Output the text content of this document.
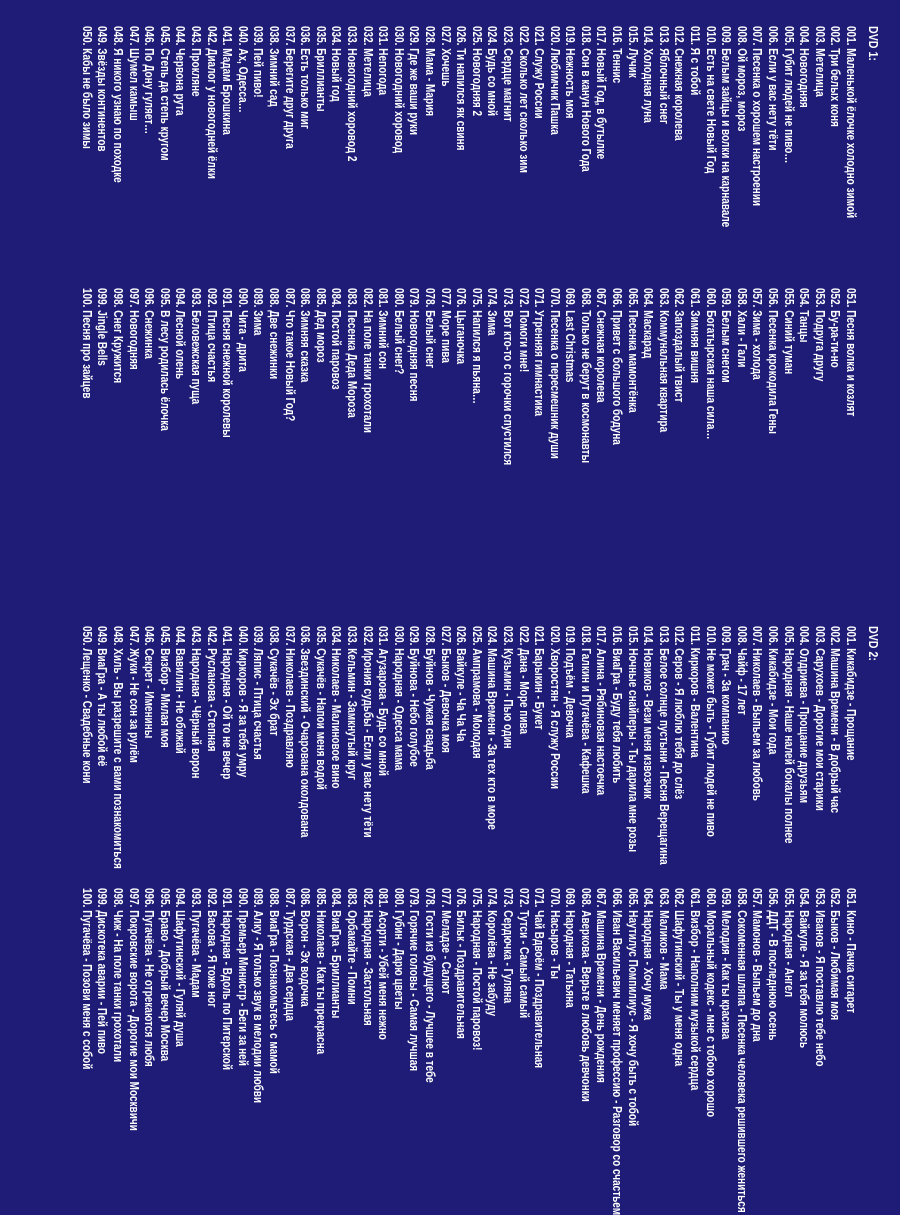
DVD 1:
001. Маленькой ёлочке холодно зимой
002. Три белых коня
003. Метелица
004. Новогодняя
005. Губит людей не пиво…
006. Если у вас нету тёти
007. Песенка о хорошем настроении
008. Ой мороз, мороз
009. Белым зайцы и волки на карнавале
010. Есть на свете Новый Год
011. Я с тобой
012. Снежная королева
013. Яблочный снег
014. Холодная луна
015. Лучик
016. Теннис
017. Новый Год, в бутылке
018. Сон в канун Нового Года
019. Нежность моя
020. Любимчик Пашка
021. Служу России
022. Сколько лет сколько зим
023. Сердце магнит
024. Будь со мной
025. Новогодняя 2
026. Ти напился як свиня
027. Хочешь
028. Мама - Мария
029. Где же ваши руки
030. Новогодний хоровод
031. Непогода
032. Метелица
033. Новогодний хоровод 2
034. Новый год
035. Бриллианты
036. Есть только миг
037. Берегите друг друга
038. Зимний сад
039. Пей пиво!
040. Ах, Одесса…
041. Мадам Брошкина
042. Диалог у новогодней ёлки
043. Прокляне
044. Червона рута
045. Степь да степь кругом
046. По Дону гуляет…
047. Шумел камыш
048. Я никого узнаю по походке
049. Звёзды континентов
050. Кабы не было зимы
051. Песня волка и козлят
052. Бу-ра-ти-но
053. Подруга другу
054. Танцы
055. Синий туман
056. Песенка крокодила Гены
057. Зима - холода
058. Хали - Гали
059. Белым снегом
060. Богатырская наша сила…
061. Зимняя вишня
062. Запоздалый твист
063. Коммунальная квартира
064. Маскарад
065. Песенка мамонтёнка
066. Привет с большого бодуна
067. Снежная королева
068. Только не берут в космонавты
069. Last Christmas
070. Песенка о пересмешник души
071. Утренняя гимнастика
072. Помоги мне!
073. Вот кто-то с горочки спустился
074. Зима
075. Напился я пьяна…
076. Цыганочка
077. Море пива
078. Белый снег
079. Новогодняя песня
080. Белый снег?
081. Зимний сон
082. На поле танки грохотали
083. Песенка Деда Мороза
084. Постой паровоз
085. Дед мороз
086. Зимняя сказка
087. Что такое Новый Год?
088. Две снежинки
089. Зима
090. Чита - дрита
091. Песня снежной королевы
092. Птица счастья
093. Беловежская пуща
094. Лесной олень
095. В лесу родилась ёлочка
096. Снежинка
097. Новогодняя
098. Снег Кружится
099. Jingle Bells
100. Песня про зайцев
DVD 2:
001. Кикабидзе - Прощание
002. Машина Времени - В добрый час
003. Сарухоев - Дорогие мои старики
004. Олдриева - Прощание друзьям
005. Народная - Наше налей бокалы полнее
006. Кикабидзе - Мои года
007. Николаев - Выпьем за любовь
008. Чайф - 17 лет
009. Грач - За компанию
010. Не может быть - Губит людей не пиво
011. Киркоров - Валентина
012. Серов - Я люблю тебя до слёз
013. Белое солнце пустыни - Песня Верещагина
014. Новиков - Вези меня извозчик
015. Ночные снайперы - Ты дарила мне розы
016. ВиаГра - Буду тебя любить
017. Алина - Рябиновая настоечка
018. Галкин и Пугачёва - Кафешка
019. Подъём - Девочка
020. Хворостян - Я служу России
021. Барыкин - Букет
022. Дана - Море пива
023. Кузьмин - Пью один
024. Машина Времени - За тех кто в море
025. Ампрамова - Молодая
026. Вайкуле - Ча Ча Ча
027. Быков - Девочка моя
028. Буйнов - Чужая свадьба
029. Буйнова - Небо голубое
030. Народная - Одесса мама
031. Агузарова - Будь со мной
032. Ирония судьбы - Если у вас нету тёти
033. Кельмин - Замкнутый круг
034. Николаев - Малиновое вино
035. Сукачёв - Напои меня водой
036. Звездинский - Очарована околдована
037. Николаев - Поздравляю
038. Сукачёв - Эх брат
039. Ляпис - Птица счастья
040. Киркоров - Я за тебя умру
041. Народная - Ой то не вечер
042. Русланова - Степная
043. Народная - Чёрный ворон
044. Вавилин - Не обижай
045. Визбор - Милая моя
046. Секрет - Именины
047. Жуки - Не сон за рулём
048. Хиль - Вы разрешите с вами познакомиться
049. ВиаГра - А ты любой её
050. Лещенко - Свадебные кони
051. Кино - Пачка сигарет
052. Быков - Любимая моя
053. Иванов - Я поставлю тебе небо
054. Вайкуле - Я за тебя молюсь
055. Народная - Ангел
056. ДДТ - В последнюю осень
057. Мамонов - Выпьем до дна
058. Сокоменная шляпа - Песенка человека решившего жениться
059. Мелодия - Как ты красива
060. Моральный кодекс - мне с тобою хорошо
061. Визбор - Наполним музыкой сердца
062. Шафутинский - Ты у меня одна
063. Маликов - Мама
064. Народная - Хочу мужа
065. Наутилус Помпилиус - Я хочу быть с тобой
066. Иван Васильевич меняет профессию - Разговор со счастьем
067. Машина Времени - День рождения
068. Аверкова - Верьте в любовь девчонки
069. Народная - Татьяна
070. Насыров - Ты
071. Чай Вдвоём - Поздравительная
072. Тутси - Самый самый
073. Сердючка - Гуляна
074. Королёва - Не забуду
075. Народная - Постой паровоз!
076. Бильк - Поздравительная
077. Меладзе - Салют
078. Гости из будущего - Лучшее в тебе
079. Горячие головы - Самая лучшая
080. Губин - Дарю цветы
081. Асорти - Убей меня нежно
082. Народная - Застольная
083. Орбакайте - Помни
084. ВиаГра - Бриллианты
085. Николаев - Как ты прекрасна
086. Ворон - Эх водочка
087. Турдская - Два сердца
088. ВиаГра - Познакомьтесь с мамой
089. Алку - Я только звук в мелодии любви
090. Премьер Министр - Беги за ней
091. Народная - Вдоль по Питерской
092. Васова - Я тоже ног
093. Пугачёва - Мадам
094. Шафутинский - Гуляй душа
095. Браво - Добрый вечер Москва
096. Пугачёва - Не отрекаются любя
097. Покровские ворота - Дорогие мои Москвичи
098. Чиж - На поле танки грохотали
099. Дискотека аварии - Пей пиво
100. Пугачёва - Позови меня с собой
